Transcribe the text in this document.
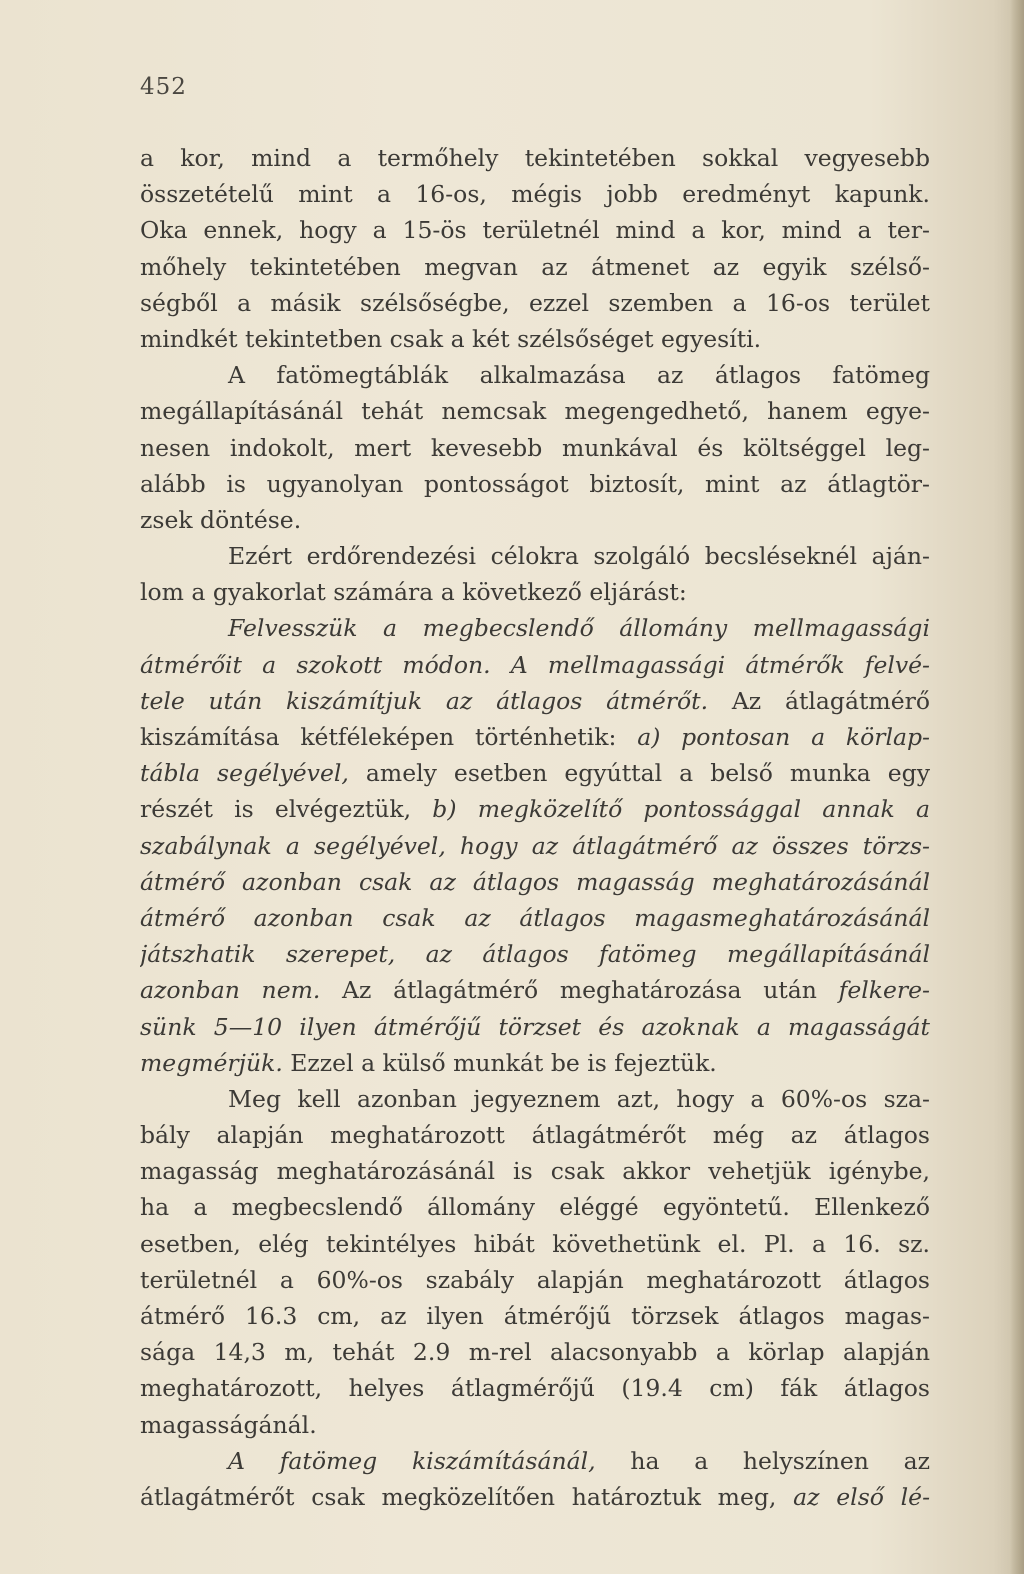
452
a kor, mind a termőhely tekintetében sokkal vegyesebb
összetételű mint a 16-os, mégis jobb eredményt kapunk.
Oka ennek, hogy a 15-ös területnél mind a kor, mind a ter-
mőhely tekintetében megvan az átmenet az egyik szélső-
ségből a másik szélsőségbe, ezzel szemben a 16-os terület
mindkét tekintetben csak a két szélsőséget egyesíti.
A fatömegtáblák alkalmazása az átlagos fatömeg
megállapításánál tehát nemcsak megengedhető, hanem egye-
nesen indokolt, mert kevesebb munkával és költséggel leg-
alább is ugyanolyan pontosságot biztosít, mint az átlagtör-
zsek döntése.
Ezért erdőrendezési célokra szolgáló becsléseknél aján-
lom a gyakorlat számára a következő eljárást:
Felvesszük a megbecslendő állomány mellmagassági
átmérőit a szokott módon. A mellmagassági átmérők felvé-
tele után kiszámítjuk az átlagos átmérőt. Az átlagátmérő
kiszámítása kétféleképen történhetik: a) pontosan a körlap-
tábla segélyével, amely esetben egyúttal a belső munka egy
részét is elvégeztük, b) megközelítő pontossággal annak a
szabálynak a segélyével, hogy az átlagátmérő az összes törzs-
átmérő azonban csak az átlagos magasság meghatározásánál
átmérő azonban csak az átlagos magasmeghatározásánál
játszhatik szerepet, az átlagos fatömeg megállapításánál
azonban nem. Az átlagátmérő meghatározása után felkere-
sünk 5—10 ilyen átmérőjű törzset és azoknak a magasságát
megmérjük. Ezzel a külső munkát be is fejeztük.
Meg kell azonban jegyeznem azt, hogy a 60%-os sza-
bály alapján meghatározott átlagátmérőt még az átlagos
magasság meghatározásánál is csak akkor vehetjük igénybe,
ha a megbecslendő állomány eléggé egyöntetű. Ellenkező
esetben, elég tekintélyes hibát követhetünk el. Pl. a 16. sz.
területnél a 60%-os szabály alapján meghatározott átlagos
átmérő 16.3 cm, az ilyen átmérőjű törzsek átlagos magas-
sága 14,3 m, tehát 2.9 m-rel alacsonyabb a körlap alapján
meghatározott, helyes átlagmérőjű (19.4 cm) fák átlagos
magasságánál.
A fatömeg kiszámításánál, ha a helyszínen az
átlagátmérőt csak megközelítően határoztuk meg, az első lé-
